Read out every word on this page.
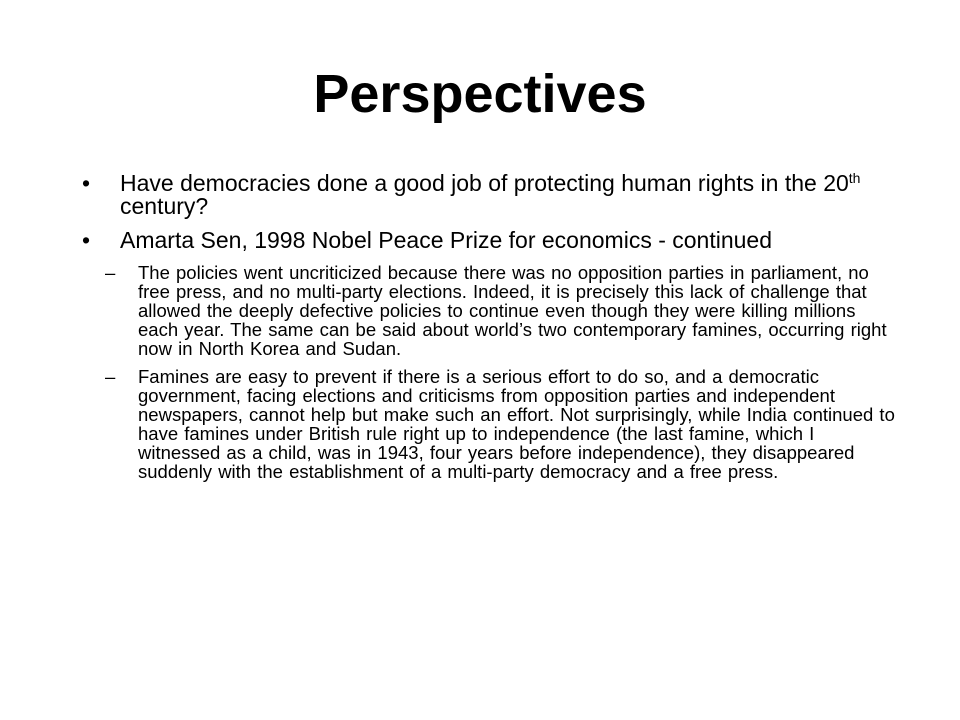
Perspectives
• Have democracies done a good job of protecting human rights in the 20th century?
• Amarta Sen, 1998 Nobel Peace Prize for economics - continued
– The policies went uncriticized because there was no opposition parties in parliament, no free press, and no multi-party elections. Indeed, it is precisely this lack of challenge that allowed the deeply defective policies to continue even though they were killing millions each year. The same can be said about world’s two contemporary famines, occurring right now in North Korea and Sudan.
– Famines are easy to prevent if there is a serious effort to do so, and a democratic government, facing elections and criticisms from opposition parties and independent newspapers, cannot help but make such an effort. Not surprisingly, while India continued to have famines under British rule right up to independence (the last famine, which I witnessed as a child, was in 1943, four years before independence), they disappeared suddenly with the establishment of a multi-party democracy and a free press.
